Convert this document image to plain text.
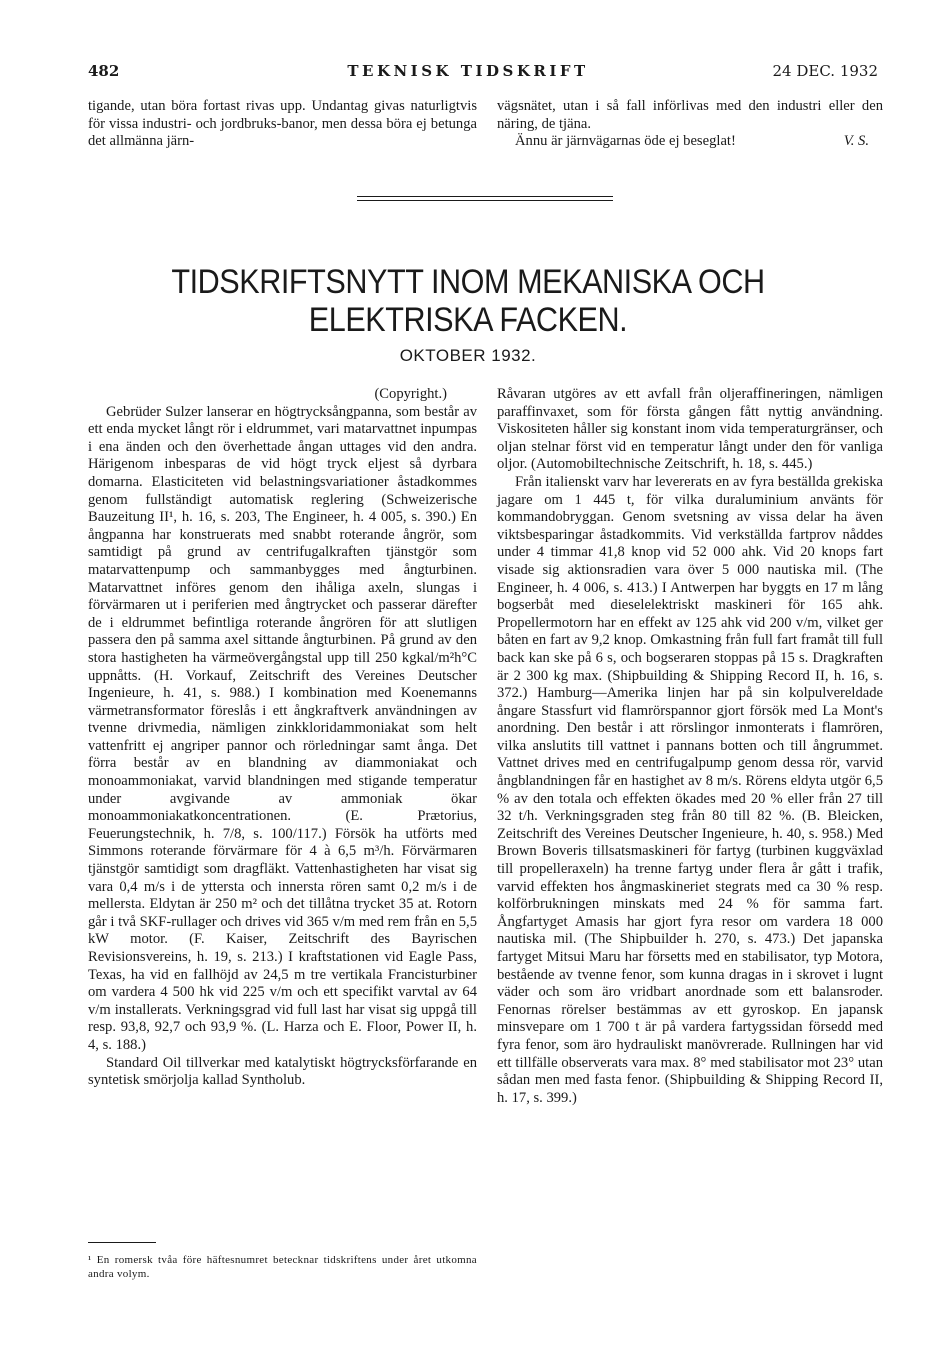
482	TEKNISK TIDSKRIFT	24 DEC. 1932

tigande, utan böra fortast rivas upp. Undantag givas naturligtvis för vissa industri- och jordbruks-banor, men dessa böra ej betunga det allmänna järn-

vägsnätet, utan i så fall införlivas med den industri eller den näring, de tjäna.

Ännu är järnvägarnas öde ej beseglat!	V. S.
TIDSKRIFTSNYTT INOM MEKANISKA OCH
ELEKTRISKA FACKEN.
OKTOBER 1932.
(Copyright.)

Gebrüder Sulzer lanserar en högtrycksångpanna, som består av ett enda mycket långt rör i eldrummet, vari matarvattnet inpumpas i ena änden och den överhettade ångan uttages vid den andra. Härigenom inbesparas de vid högt tryck eljest så dyrbara domarna. Elasticiteten vid belastningsvariationer åstadkommes genom fullständigt automatisk reglering (Schweizerische Bauzeitung II¹, h. 16, s. 203, The Engineer, h. 4 005, s. 390.) En ångpanna har konstruerats med snabbt roterande ångrör, som samtidigt på grund av centrifugalkraften tjänstgör som matarvattenpump och sammanbygges med ångturbinen. Matarvattnet införes genom den ihåliga axeln, slungas i förvärmaren ut i periferien med ångtrycket och passerar därefter de i eldrummet befintliga roterande ångrören för att slutligen passera den på samma axel sittande ångturbinen. På grund av den stora hastigheten ha värmeövergångstal upp till 250 kgkal/m²h°C uppnåtts. (H. Vorkauf, Zeitschrift des Vereines Deutscher Ingenieure, h. 41, s. 988.) I kombination med Koenemanns värmetransformator föreslås i ett ångkraftverk användningen av tvenne drivmedia, nämligen zinkkloridammoniakat som helt vattenfritt ej angriper pannor och rörledningar samt ånga. Det förra består av en blandning av diammoniakat och monoammoniakat, varvid blandningen med stigande temperatur under avgivande av ammoniak ökar monoammoniakatkoncentrationen. (E. Prætorius, Feuerungstechnik, h. 7/8, s. 100/117.) Försök ha utförts med Simmons roterande förvärmare för 4 à 6,5 m³/h. Förvärmaren tjänstgör samtidigt som dragfläkt. Vattenhastigheten har visat sig vara 0,4 m/s i de yttersta och innersta rören samt 0,2 m/s i de mellersta. Eldytan är 250 m² och det tillåtna trycket 35 at. Rotorn går i två SKF-rullager och drives vid 365 v/m med rem från en 5,5 kW motor. (F. Kaiser, Zeitschrift des Bayrischen Revisionsvereins, h. 19, s. 213.) I kraftstationen vid Eagle Pass, Texas, ha vid en fallhöjd av 24,5 m tre vertikala Francisturbiner om vardera 4 500 hk vid 225 v/m och ett specifikt varvtal av 64 v/m installerats. Verkningsgrad vid full last har visat sig uppgå till resp. 93,8, 92,7 och 93,9 %. (L. Harza och E. Floor, Power II, h. 4, s. 188.)

Standard Oil tillverkar med katalytiskt högtrycksförfarande en syntetisk smörjolja kallad Syntholub.

Råvaran utgöres av ett avfall från oljeraffineringen, nämligen paraffinvaxet, som för första gången fått nyttig användning. Viskositeten håller sig konstant inom vida temperaturgränser, och oljan stelnar först vid en temperatur långt under den för vanliga oljor. (Automobiltechnische Zeitschrift, h. 18, s. 445.)

Från italienskt varv har levererats en av fyra beställda grekiska jagare om 1 445 t, för vilka duraluminium använts för kommandobryggan. Genom svetsning av vissa delar ha även viktsbesparingar åstadkommits. Vid verkställda fartprov nåddes under 4 timmar 41,8 knop vid 52 000 ahk. Vid 20 knops fart visade sig aktionsradien vara över 5 000 nautiska mil. (The Engineer, h. 4 006, s. 413.) I Antwerpen har byggts en 17 m lång bogserbåt med dieselelektriskt maskineri för 165 ahk. Propellermotorn har en effekt av 125 ahk vid 200 v/m, vilket ger båten en fart av 9,2 knop. Omkastning från full fart framåt till full back kan ske på 6 s, och bogseraren stoppas på 15 s. Dragkraften är 2 300 kg max. (Shipbuilding & Shipping Record II, h. 16, s. 372.) Hamburg—Amerika linjen har på sin kolpulvereldade ångare Stassfurt vid flamrörspannor gjort försök med La Mont's anordning. Den består i att rörslingor inmonterats i flamrören, vilka anslutits till vattnet i pannans botten och till ångrummet. Vattnet drives med en centrifugalpump genom dessa rör, varvid ångblandningen får en hastighet av 8 m/s. Rörens eldyta utgör 6,5 % av den totala och effekten ökades med 20 % eller från 27 till 32 t/h. Verkningsgraden steg från 80 till 82 %. (B. Bleicken, Zeitschrift des Vereines Deutscher Ingenieure, h. 40, s. 958.) Med Brown Boveris tillsatsmaskineri för fartyg (turbinen kuggväxlad till propelleraxeln) ha trenne fartyg under flera år gått i trafik, varvid effekten hos ångmaskineriet stegrats med ca 30 % resp. kolförbrukningen minskats med 24 % för samma fart. Ångfartyget Amasis har gjort fyra resor om vardera 18 000 nautiska mil. (The Shipbuilder h. 270, s. 473.) Det japanska fartyget Mitsui Maru har försetts med en stabilisator, typ Motora, bestående av tvenne fenor, som kunna dragas in i skrovet i lugnt väder och som äro vridbart anordnade som ett balansroder. Fenornas rörelser bestämmas av ett gyroskop. En japansk minsvepare om 1 700 t är på vardera fartygssidan försedd med fyra fenor, som äro hydrauliskt manövrerade. Rullningen har vid ett tillfälle observerats vara max. 8° med stabilisator mot 23° utan sådan men med fasta fenor. (Shipbuilding & Shipping Record II, h. 17, s. 399.)

¹ En romersk tvåa före häftesnumret betecknar tidskriftens under året utkomna andra volym.
